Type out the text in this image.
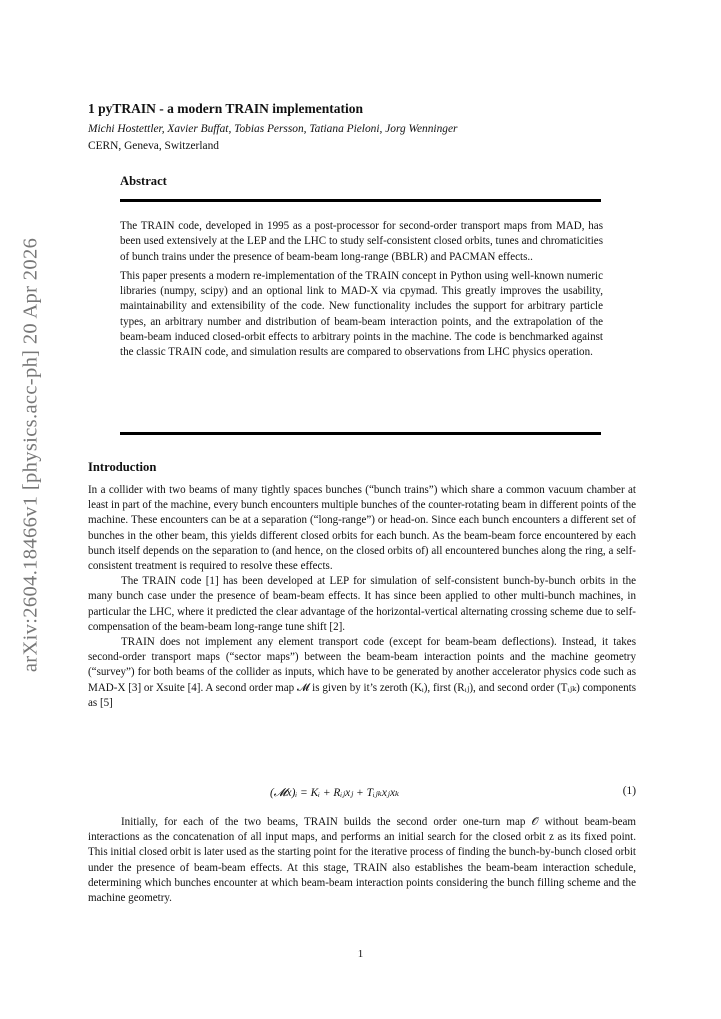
arXiv:2604.18466v1 [physics.acc-ph] 20 Apr 2026
1 pyTRAIN - a modern TRAIN implementation
Michi Hostettler, Xavier Buffat, Tobias Persson, Tatiana Pieloni, Jorg Wenninger
CERN, Geneva, Switzerland
Abstract

The TRAIN code, developed in 1995 as a post-processor for second-order transport maps from MAD, has been used extensively at the LEP and the LHC to study self-consistent closed orbits, tunes and chromaticities of bunch trains under the presence of beam-beam long-range (BBLR) and PACMAN effects..

This paper presents a modern re-implementation of the TRAIN concept in Python using well-known numeric libraries (numpy, scipy) and an optional link to MAD-X via cpymad. This greatly improves the usability, maintainability and extensibility of the code. New functionality includes the support for arbitrary particle types, an arbitrary number and distribution of beam-beam interaction points, and the extrapolation of the beam-beam induced closed-orbit effects to arbitrary points in the machine. The code is benchmarked against the classic TRAIN code, and simulation results are compared to observations from LHC physics operation.

Introduction

In a collider with two beams of many tightly spaces bunches (“bunch trains”) which share a common vacuum chamber at least in part of the machine, every bunch encounters multiple bunches of the counter-rotating beam in different points of the machine. These encounters can be at a separation (“long-range”) or head-on. Since each bunch encounters a different set of bunches in the other beam, this yields different closed orbits for each bunch. As the beam-beam force encountered by each bunch itself depends on the separation to (and hence, on the closed orbits of) all encountered bunches along the ring, a self-consistent treatment is required to resolve these effects.

The TRAIN code [1] has been developed at LEP for simulation of self-consistent bunch-by-bunch orbits in the many bunch case under the presence of beam-beam effects. It has since been applied to other multi-bunch machines, in particular the LHC, where it predicted the clear advantage of the horizontal-vertical alternating crossing scheme due to self-compensation of the beam-beam long-range tune shift [2].

TRAIN does not implement any element transport code (except for beam-beam deflections). Instead, it takes second-order transport maps (“sector maps”) between the beam-beam interaction points and the machine geometry (“survey”) for both beams of the collider as inputs, which have to be generated by another accelerator physics code such as MAD-X [3] or Xsuite [4]. A second order map 𝓜 is given by it’s zeroth (Kᵢ), first (Rᵢⱼ), and second order (Tᵢⱼₖ) components as [5]

(𝓜x)ᵢ = Kᵢ + Rᵢⱼxⱼ + Tᵢⱼₖxⱼxₖ	(1)

Initially, for each of the two beams, TRAIN builds the second order one-turn map 𝒪 without beam-beam interactions as the concatenation of all input maps, and performs an initial search for the closed orbit z as its fixed point. This initial closed orbit is later used as the starting point for the iterative process of finding the bunch-by-bunch closed orbit under the presence of beam-beam effects. At this stage, TRAIN also establishes the beam-beam interaction schedule, determining which bunches encounter at which beam-beam interaction points considering the bunch filling scheme and the machine geometry.

1
